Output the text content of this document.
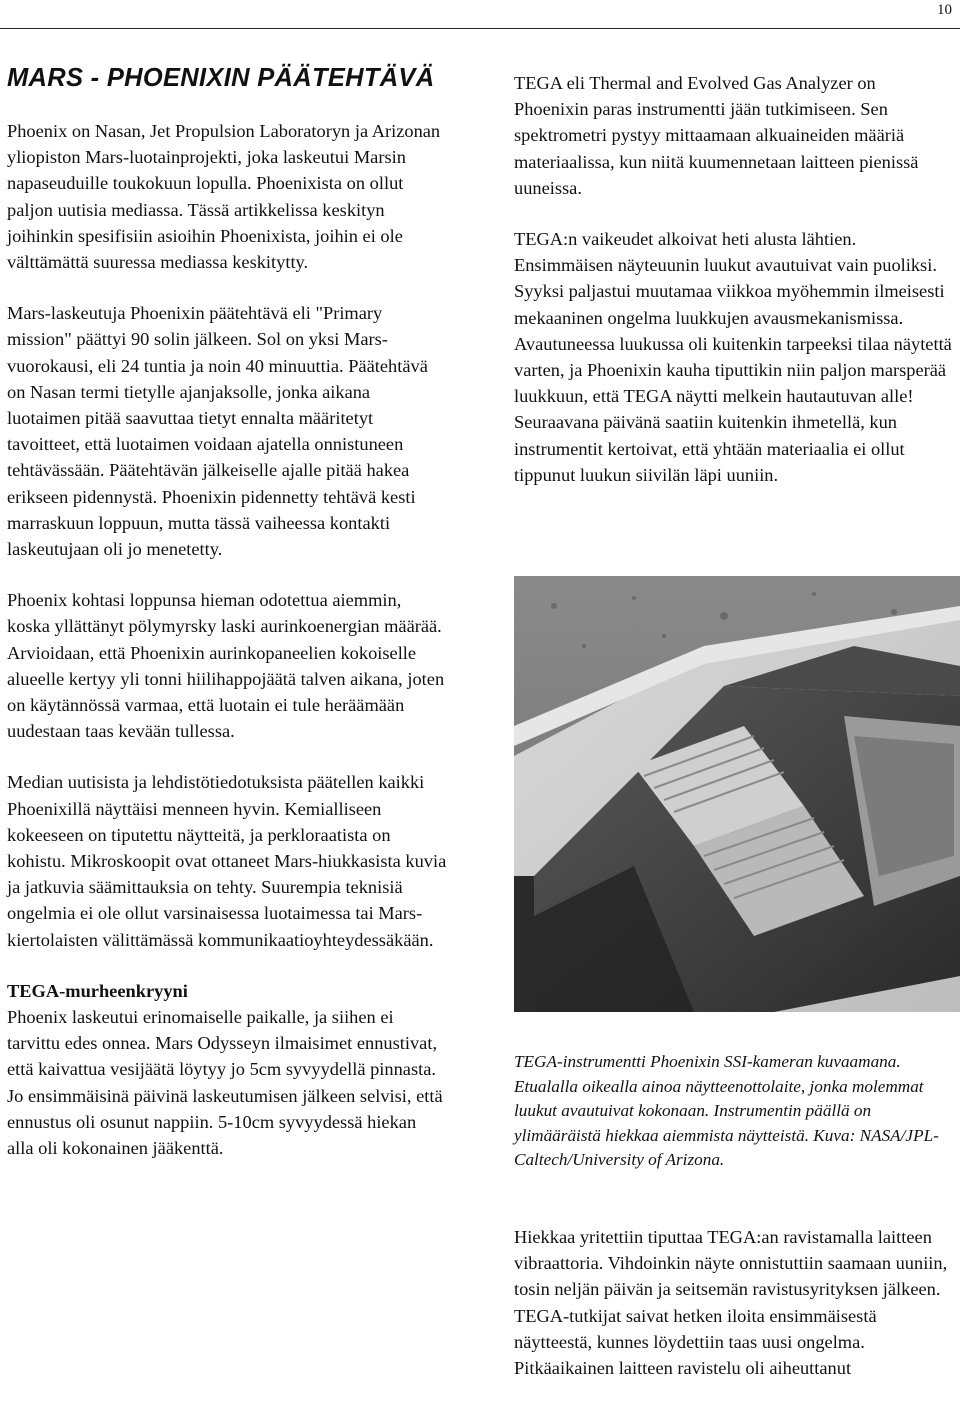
10
MARS - PHOENIXIN PÄÄTEHTÄVÄ

Phoenix on Nasan, Jet Propulsion Laboratoryn ja Arizonan yliopiston Mars-luotainprojekti, joka laskeutui Marsin napaseuduille toukokuun lopulla. Phoenixista on ollut paljon uutisia mediassa. Tässä artikkelissa keskityn joihinkin spesifisiin asioihin Phoenixista, joihin ei ole välttämättä suuressa mediassa keskitytty.

Mars-laskeutuja Phoenixin päätehtävä eli "Primary mission" päättyi 90 solin jälkeen. Sol on yksi Mars-vuorokausi, eli 24 tuntia ja noin 40 minuuttia. Päätehtävä on Nasan termi tietylle ajanjaksolle, jonka aikana luotaimen pitää saavuttaa tietyt ennalta määritetyt tavoitteet, että luotaimen voidaan ajatella onnistuneen tehtävässään. Päätehtävän jälkeiselle ajalle pitää hakea erikseen pidennystä. Phoenixin pidennetty tehtävä kesti marraskuun loppuun, mutta tässä vaiheessa kontakti laskeutujaan oli jo menetetty.

Phoenix kohtasi loppunsa hieman odotettua aiemmin, koska yllättänyt pölymyrsky laski aurinkoenergian määrää. Arvioidaan, että Phoenixin aurinkopaneelien kokoiselle alueelle kertyy yli tonni hiilihappojäätä talven aikana, joten on käytännössä varmaa, että luotain ei tule heräämään uudestaan taas kevään tullessa.

Median uutisista ja lehdistötiedotuksista päätellen kaikki Phoenixillä näyttäisi menneen hyvin. Kemialliseen kokeeseen on tiputettu näytteitä, ja perkloraatista on kohistu. Mikroskoopit ovat ottaneet Mars-hiukkasista kuvia ja jatkuvia säämittauksia on tehty. Suurempia teknisiä ongelmia ei ole ollut varsinaisessa luotaimessa tai Mars-kiertolaisten välittämässä kommunikaatioyhteydessäkään.

TEGA-murheenkryyni

Phoenix laskeutui erinomaiselle paikalle, ja siihen ei tarvittu edes onnea. Mars Odysseyn ilmaisimet ennustivat, että kaivattua vesijäätä löytyy jo 5cm syvyydellä pinnasta. Jo ensimmäisinä päivinä laskeutumisen jälkeen selvisi, että ennustus oli osunut nappiin. 5-10cm syvyydessä hiekan alla oli kokonainen jääkenttä.

TEGA eli Thermal and Evolved Gas Analyzer on Phoenixin paras instrumentti jään tutkimiseen. Sen spektrometri pystyy mittaamaan alkuaineiden määriä materiaalissa, kun niitä kuumennetaan laitteen pienissä uuneissa.

TEGA:n vaikeudet alkoivat heti alusta lähtien. Ensimmäisen näyteuunin luukut avautuivat vain puoliksi. Syyksi paljastui muutamaa viikkoa myöhemmin ilmeisesti mekaaninen ongelma luukkujen avausmekanismissa. Avautuneessa luukussa oli kuitenkin tarpeeksi tilaa näytettä varten, ja Phoenixin kauha tiputtikin niin paljon marsperää luukkuun, että TEGA näytti melkein hautautuvan alle! Seuraavana päivänä saatiin kuitenkin ihmetellä, kun instrumentit kertoivat, että yhtään materiaalia ei ollut tippunut luukun siivilän läpi uuniin.

TEGA-instrumentti Phoenixin SSI-kameran kuvaamana. Etualalla oikealla ainoa näytteenottolaite, jonka molemmat luukut avautuivat kokonaan. Instrumentin päällä on ylimääräistä hiekkaa aiemmista näytteistä. Kuva: NASA/JPL-Caltech/University of Arizona.

Hiekkaa yritettiin tiputtaa TEGA:an ravistamalla laitteen vibraattoria. Vihdoinkin näyte onnistuttiin saamaan uuniin, tosin neljän päivän ja seitsemän ravistusyrityksen jälkeen. TEGA-tutkijat saivat hetken iloita ensimmäisestä näytteestä, kunnes löydettiin taas uusi ongelma. Pitkäaikainen laitteen ravistelu oli aiheuttanut
